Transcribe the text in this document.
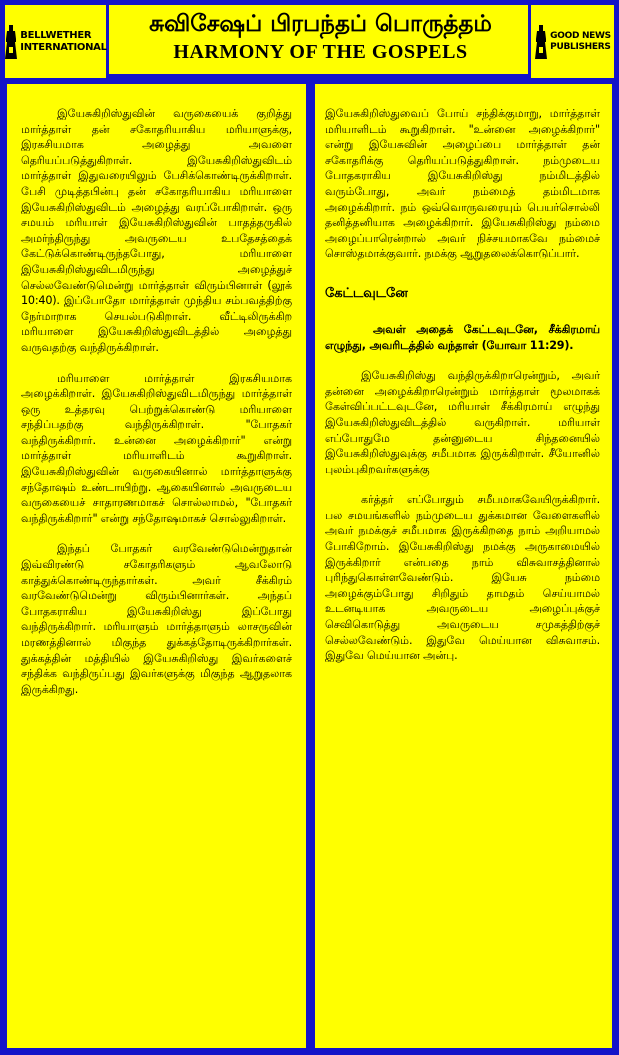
BELLWETHER
INTERNATIONAL
சுவிசேஷப் பிரபந்தப் பொருத்தம்
HARMONY OF THE GOSPELS
GOOD NEWS
PUBLISHERS

இயேசுகிறிஸ்துவின் வருகையைக் குறித்து மார்த்தாள் தன் சகோதரியாகிய மரியாளுக்கு, இரகசியமாக அழைத்து அவளை தெரியப்படுத்துகிறாள். இயேசுகிறிஸ்துவிடம் மார்த்தாள் இதுவரையிலும் பேசிக்கொண்டிருக்கிறாள். பேசி முடித்தபின்பு தன் சகோதரியாகிய மரியாளை இயேசுகிறிஸ்துவிடம் அழைத்து வரப்போகிறாள். ஒரு சமயம் மரியாள் இயேசுகிறிஸ்துவின் பாதத்தருகில் அமர்ந்திருந்து அவருடைய உபதேசத்தைக் கேட்டுக்கொண்டிருந்தபோது, மரியாளை இயேசுகிறிஸ்துவிடமிருந்து அழைத்துச் செல்லவேண்டுமென்று மார்த்தாள் விரும்பினாள் (லூக் 10:40). இப்போதோ மார்த்தாள் முந்திய சம்பவத்திற்கு நேர்மாறாக செயல்படுகிறாள். வீட்டிலிருக்கிற மரியாளை இயேசுகிறிஸ்துவிடத்தில் அழைத்து வருவதற்கு வந்திருக்கிறாள்.

மரியாளை மார்த்தாள் இரகசியமாக அழைக்கிறாள். இயேசுகிறிஸ்துவிடமிருந்து மார்த்தாள் ஒரு உத்தரவு பெற்றுக்கொண்டு மரியாளை சந்திப்பதற்கு வந்திருக்கிறாள். "போதகர் வந்திருக்கிறார். உன்னை அழைக்கிறார்" என்று மார்த்தாள் மரியாளிடம் கூறுகிறாள். இயேசுகிறிஸ்துவின் வருகையினால் மார்த்தாளுக்கு சந்தோஷம் உண்டாயிற்று. ஆகையினால் அவருடைய வருகையைச் சாதாரணமாகச் சொல்லாமல், "போதகர் வந்திருக்கிறார்" என்று சந்தோஷமாகச் சொல்லுகிறாள்.

இந்தப் போதகர் வரவேண்டுமென்றுதான் இவ்விரண்டு சகோதரிகளும் ஆவலோடு காத்துக்கொண்டிருந்தார்கள். அவர் சீக்கிரம் வரவேண்டுமென்று விரும்பினார்கள். அந்தப் போதகராகிய இயேசுகிறிஸ்து இப்போது வந்திருக்கிறார். மரியாளும் மார்த்தாளும் லாசருவின் மரணத்தினால் மிகுந்த துக்கத்தோடிருக்கிறார்கள். துக்கத்தின் மத்தியில் இயேசுகிறிஸ்து இவர்களைச் சந்திக்க வந்திருப்பது இவர்களுக்கு மிகுந்த ஆறுதலாக இருக்கிறது.

இயேசுகிறிஸ்துவைப் போய் சந்திக்குமாறு, மார்த்தாள் மரியாளிடம் கூறுகிறாள். "உன்னை அழைக்கிறார்" என்று இயேசுவின் அழைப்பை மார்த்தாள் தன் சகோதரிக்கு தெரியப்படுத்துகிறாள். நம்முடைய போதகராகிய இயேசுகிறிஸ்து நம்மிடத்தில் வரும்போது, அவர் நம்மைத் தம்மிடமாக அழைக்கிறார். நம் ஒவ்வொருவரையும் பெயர்சொல்லி தனித்தனியாக அழைக்கிறார். இயேசுகிறிஸ்து நம்மை அழைப்பாரென்றால் அவர் நிச்சயமாகவே நம்மைச் சொஸ்தமாக்குவார். நமக்கு ஆறுதலைக்கொடுப்பார்.

கேட்டவுடனே

அவள் அதைக் கேட்டவுடனே, சீக்கிரமாய் எழுந்து, அவரிடத்தில் வந்தாள் (யோவா 11:29).

இயேசுகிறிஸ்து வந்திருக்கிறாரென்றும், அவர் தன்னை அழைக்கிறாரென்றும் மார்த்தாள் மூலமாகக் கேள்விப்பட்டவுடனே, மரியாள் சீக்கிரமாய் எழுந்து இயேசுகிறிஸ்துவிடத்தில் வருகிறாள். மரியாள் எப்போதுமே தன்னுடைய சிந்தனையில் இயேசுகிறிஸ்துவுக்கு சமீபமாக இருக்கிறாள். சீயோனில் புலம்புகிறவர்களுக்கு

கர்த்தர் எப்போதும் சமீபமாகவேயிருக்கிறார். பல சமயங்களில் நம்முடைய துக்கமான வேளைகளில் அவர் நமக்குச் சமீபமாக இருக்கிறதை நாம் அறியாமல் போகிறோம். இயேசுகிறிஸ்து நமக்கு அருகாமையில் இருக்கிறார் என்பதை நாம் விசுவாசத்தினால் புரிந்துகொள்ளவேண்டும். இயேசு நம்மை அழைக்கும்போது சிறிதும் தாமதம் செய்யாமல் உடனடியாக அவருடைய அழைப்புக்குச் செவிகொடுத்து அவருடைய சமுகத்திற்குச் செல்லவேண்டும். இதுவே மெய்யான விசுவாசம். இதுவே மெய்யான அன்பு.
